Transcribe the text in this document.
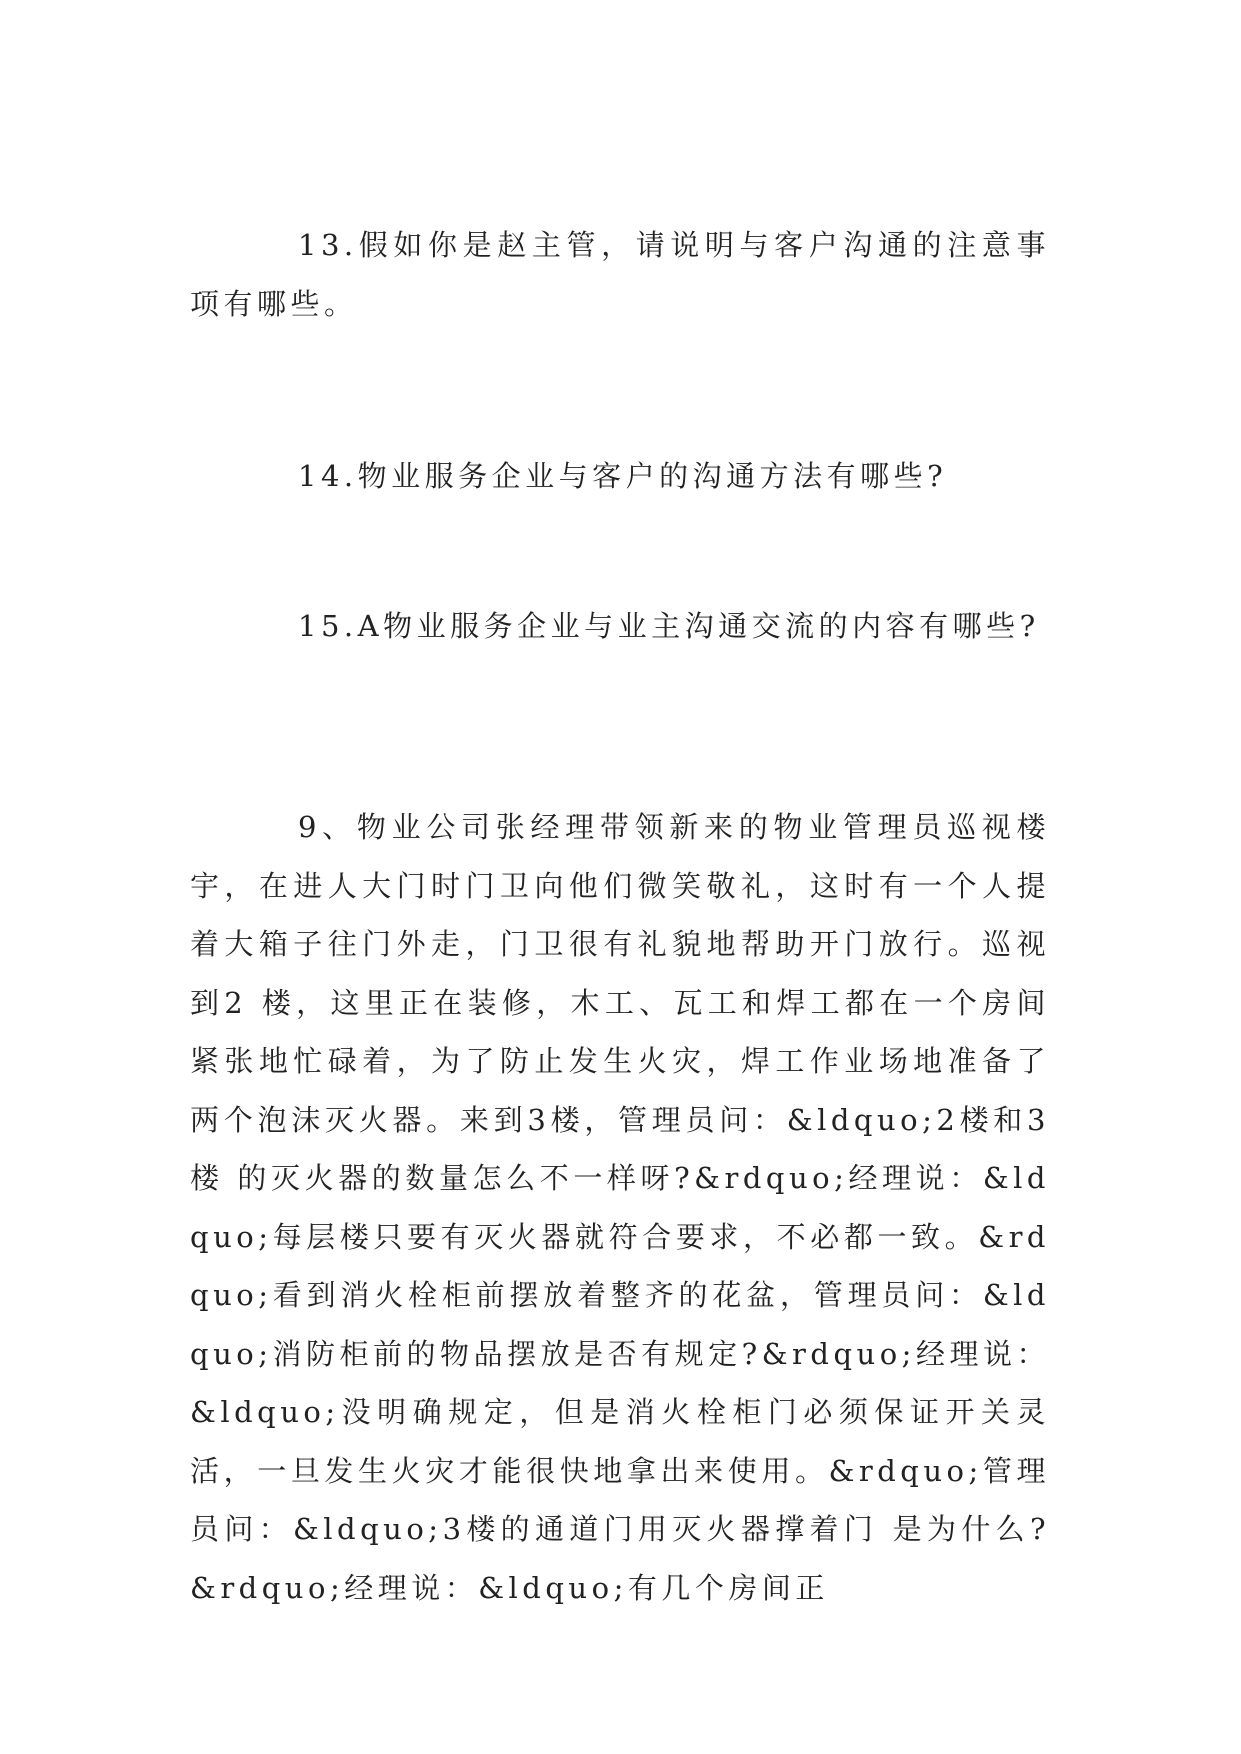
13.假如你是赵主管，请说明与客户沟通的注意事项有哪些。

14.物业服务企业与客户的沟通方法有哪些?

15.A物业服务企业与业主沟通交流的内容有哪些?

9、物业公司张经理带领新来的物业管理员巡视楼宇，在进人大门时门卫向他们微笑敬礼，这时有一个人提着大箱子往门外走，门卫很有礼貌地帮助开门放行。巡视到2 楼，这里正在装修，木工、瓦工和焊工都在一个房间紧张地忙碌着，为了防止发生火灾，焊工作业场地准备了两个泡沫灭火器。来到3楼，管理员问：&ldquo;2楼和3楼 的灭火器的数量怎么不一样呀?&rdquo;经理说：&ldquo;每层楼只要有灭火器就符合要求，不必都一致。&rdquo;看到消火栓柜前摆放着整齐的花盆，管理员问：&ldquo;消防柜前的物品摆放是否有规定?&rdquo;经理说：&ldquo;没明确规定，但是消火栓柜门必须保证开关灵活，一旦发生火灾才能很快地拿出来使用。&rdquo;管理员问：&ldquo;3楼的通道门用灭火器撑着门 是为什么?&rdquo;经理说：&ldquo;有几个房间正
